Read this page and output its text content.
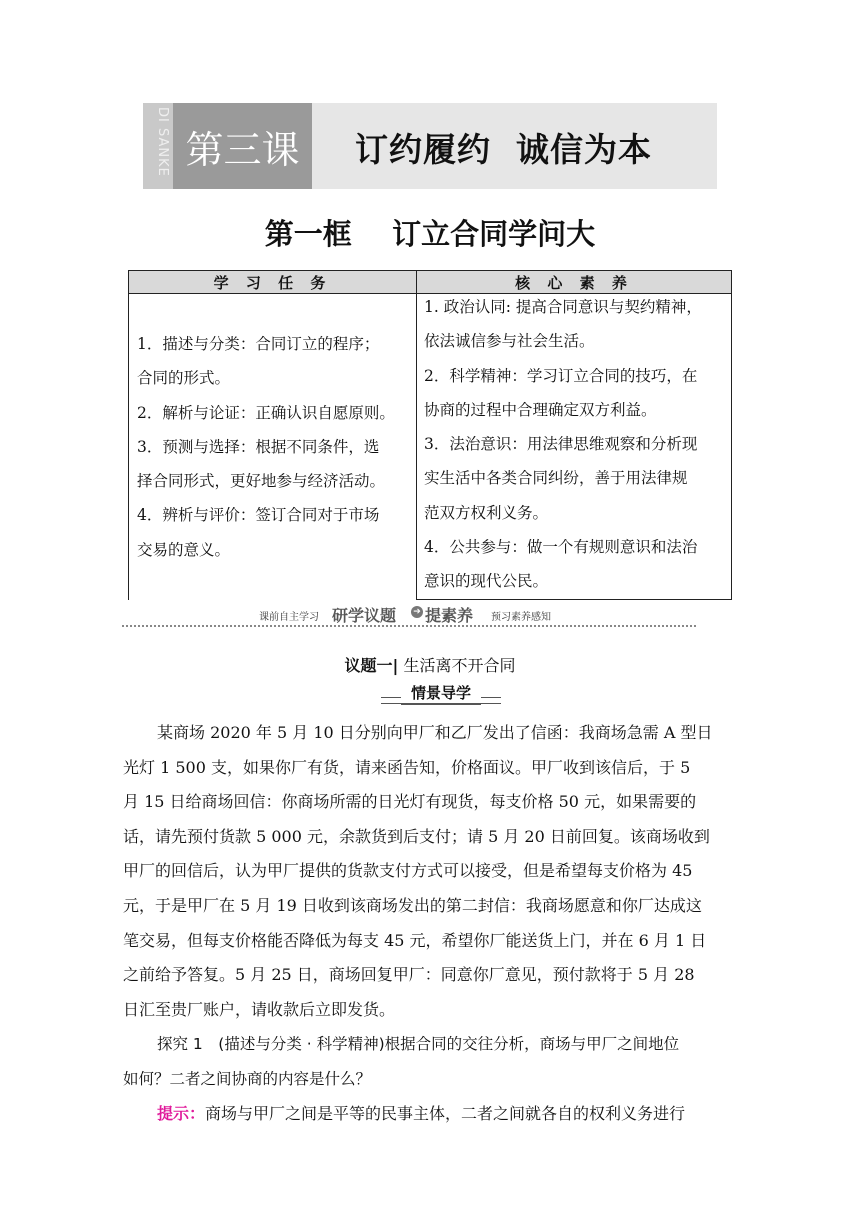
DI SANKE 第三课	订约履约  诚信为本
第一框    订立合同学问大
学 习 任 务	核 心 素 养

1．描述与分类：合同订立的程序；

合同的形式。

2．解析与论证：正确认识自愿原则。

3．预测与选择：根据不同条件，选

择合同形式，更好地参与经济活动。

4．辨析与评价：签订合同对于市场

交易的意义。

1. 政治认同: 提高合同意识与契约精神，

依法诚信参与社会生活。

2．科学精神：学习订立合同的技巧，在

协商的过程中合理确定双方利益。

3．法治意识：用法律思维观察和分析现

实生活中各类合同纠纷，善于用法律规

范双方权利义务。

4．公共参与：做一个有规则意识和法治

意识的现代公民。

课前自主学习 研学议题 ➔ 提素养 预习素养感知
议题一| 生活离不开合同
情景导学

某商场 2020 年 5 月 10 日分别向甲厂和乙厂发出了信函：我商场急需 A 型日

光灯 1 500 支，如果你厂有货，请来函告知，价格面议。甲厂收到该信后，于 5

月 15 日给商场回信：你商场所需的日光灯有现货，每支价格 50 元，如果需要的

话，请先预付货款 5 000 元，余款货到后支付；请 5 月 20 日前回复。该商场收到

甲厂的回信后，认为甲厂提供的货款支付方式可以接受，但是希望每支价格为 45

元，于是甲厂在 5 月 19 日收到该商场发出的第二封信：我商场愿意和你厂达成这

笔交易，但每支价格能否降低为每支 45 元，希望你厂能送货上门，并在 6 月 1 日

之前给予答复。5 月 25 日，商场回复甲厂：同意你厂意见，预付款将于 5 月 28

日汇至贵厂账户，请收款后立即发货。

探究 1　(描述与分类 · 科学精神)根据合同的交往分析，商场与甲厂之间地位

如何？二者之间协商的内容是什么？

提示：商场与甲厂之间是平等的民事主体，二者之间就各自的权利义务进行
